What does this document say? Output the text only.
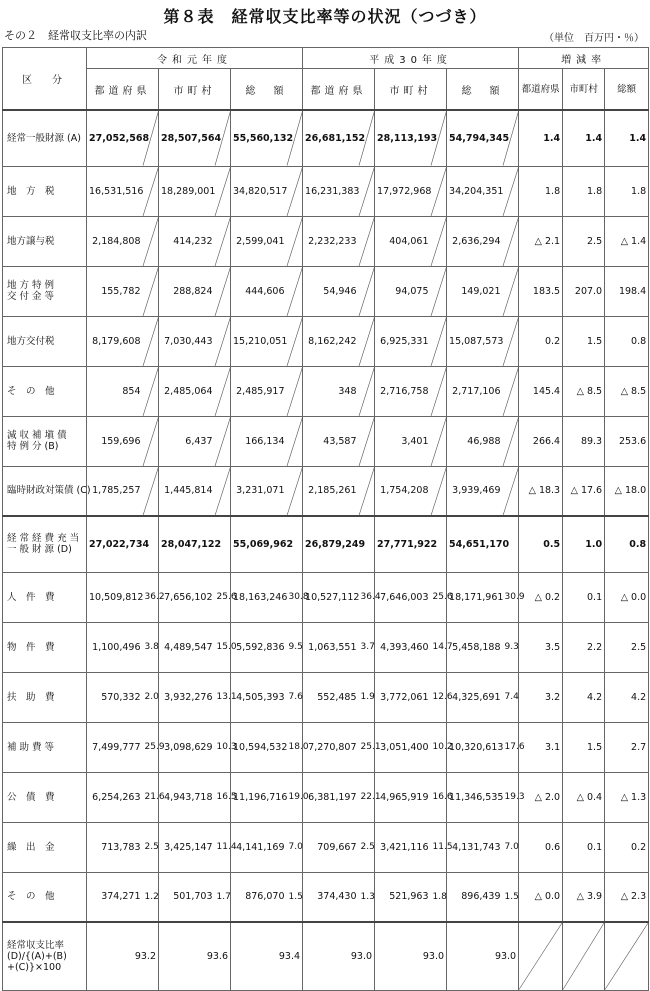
第８表　経常収支比率等の状況（つづき）
その２　経常収支比率の内訳	（単位　百万円・％）
区　分	令和元年度						平成30年度						増減率		
	都道府県		市町村		総　額		都道府県		市町村		総　額		都道府県	市町村	総額
経常一般財源 (A)	27,052,568		28,507,564		55,560,132		26,681,152		28,113,193		54,794,345		1.4	1.4	1.4
地　方　税	16,531,516		18,289,001		34,820,517		16,231,383		17,972,968		34,204,351		1.8	1.8	1.8
地方譲与税	2,184,808		414,232		2,599,041		2,232,233		404,061		2,636,294		△ 2.1	2.5	△ 1.4
地 方 特 例
交 付 金 等	155,782		288,824		444,606		54,946		94,075		149,021		183.5	207.0	198.4
地方交付税	8,179,608		7,030,443		15,210,051		8,162,242		6,925,331		15,087,573		0.2	1.5	0.8
そ　の　他	854		2,485,064		2,485,917		348		2,716,758		2,717,106		145.4	△ 8.5	△ 8.5
減 収 補 塡 債
特 例 分 (B)	159,696		6,437		166,134		43,587		3,401		46,988		266.4	89.3	253.6
臨時財政対策債 (C)	1,785,257		1,445,814		3,231,071		2,185,261		1,754,208		3,939,469		△ 18.3	△ 17.6	△ 18.0
経 常 経 費 充 当
一 般 財 源 (D)	27,022,734		28,047,122		55,069,962		26,879,249		27,771,922		54,651,170		0.5	1.0	0.8
人　件　費	10,509,812	36.2	7,656,102	25.6	18,163,246	30.8	10,527,112	36.4	7,646,003	25.6	18,171,961	30.9	△ 0.2	0.1	△ 0.0
物　件　費	1,100,496	3.8	4,489,547	15.0	5,592,836	9.5	1,063,551	3.7	4,393,460	14.7	5,458,188	9.3	3.5	2.2	2.5
扶　助　費	570,332	2.0	3,932,276	13.1	4,505,393	7.6	552,485	1.9	3,772,061	12.6	4,325,691	7.4	3.2	4.2	4.2
補 助 費 等	7,499,777	25.9	3,098,629	10.3	10,594,532	18.0	7,270,807	25.1	3,051,400	10.2	10,320,613	17.6	3.1	1.5	2.7
公　債　費	6,254,263	21.6	4,943,718	16.5	11,196,716	19.0	6,381,197	22.1	4,965,919	16.6	11,346,535	19.3	△ 2.0	△ 0.4	△ 1.3
繰　出　金	713,783	2.5	3,425,147	11.4	4,141,169	7.0	709,667	2.5	3,421,116	11.5	4,131,743	7.0	0.6	0.1	0.2
そ　の　他	374,271	1.2	501,703	1.7	876,070	1.5	374,430	1.3	521,963	1.8	896,439	1.5	△ 0.0	△ 3.9	△ 2.3
経常収支比率
(D)/{(A)+(B)
+(C)}×100	93.2		93.6		93.4		93.0		93.0		93.0	
